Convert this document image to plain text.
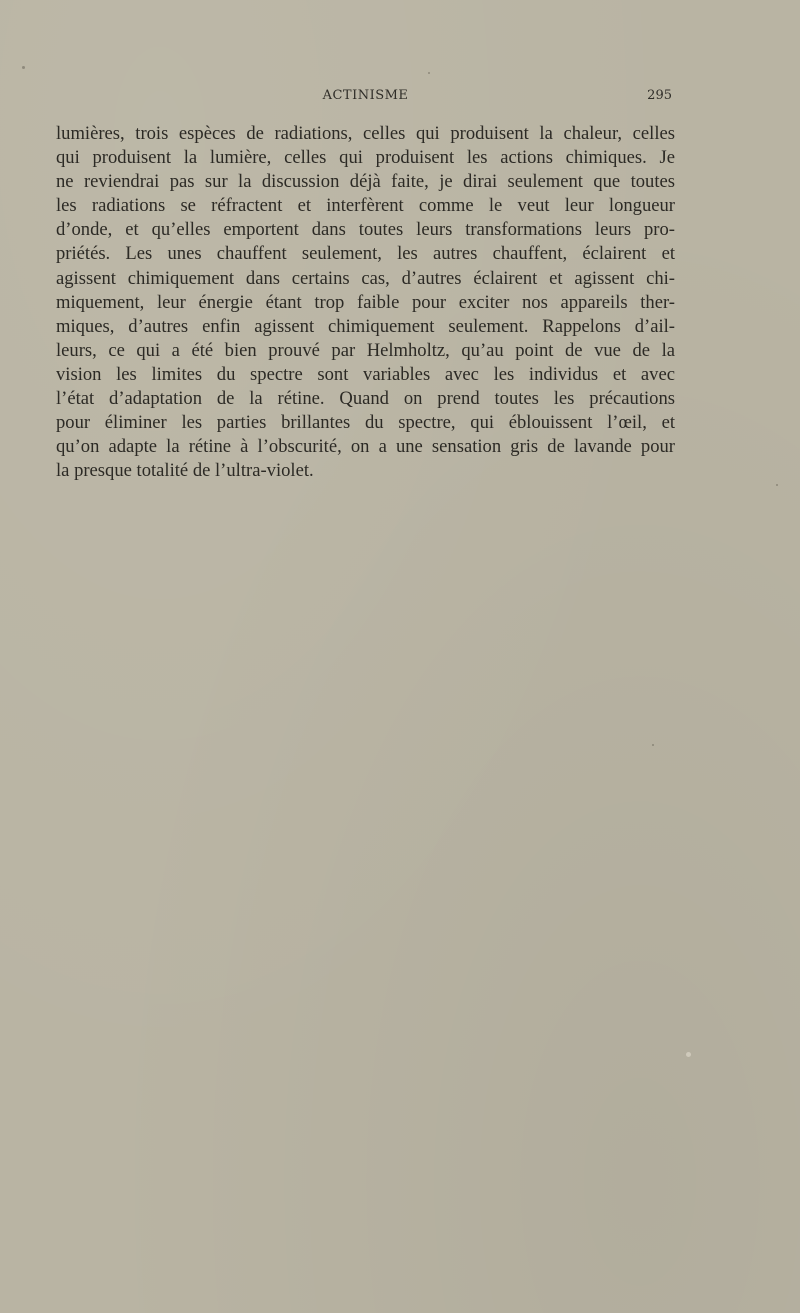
ACTINISME	295
lumières, trois espèces de radiations, celles qui produisent la chaleur, celles
qui produisent la lumière, celles qui produisent les actions chimiques. Je
ne reviendrai pas sur la discussion déjà faite, je dirai seulement que toutes
les radiations se réfractent et interfèrent comme le veut leur longueur
d’onde, et qu’elles emportent dans toutes leurs transformations leurs pro-
priétés. Les unes chauffent seulement, les autres chauffent, éclairent et
agissent chimiquement dans certains cas, d’autres éclairent et agissent chi-
miquement, leur énergie étant trop faible pour exciter nos appareils ther-
miques, d’autres enfin agissent chimiquement seulement. Rappelons d’ail-
leurs, ce qui a été bien prouvé par Helmholtz, qu’au point de vue de la
vision les limites du spectre sont variables avec les individus et avec
l’état d’adaptation de la rétine. Quand on prend toutes les précautions
pour éliminer les parties brillantes du spectre, qui éblouissent l’œil, et
qu’on adapte la rétine à l’obscurité, on a une sensation gris de lavande pour
la presque totalité de l’ultra-violet.
